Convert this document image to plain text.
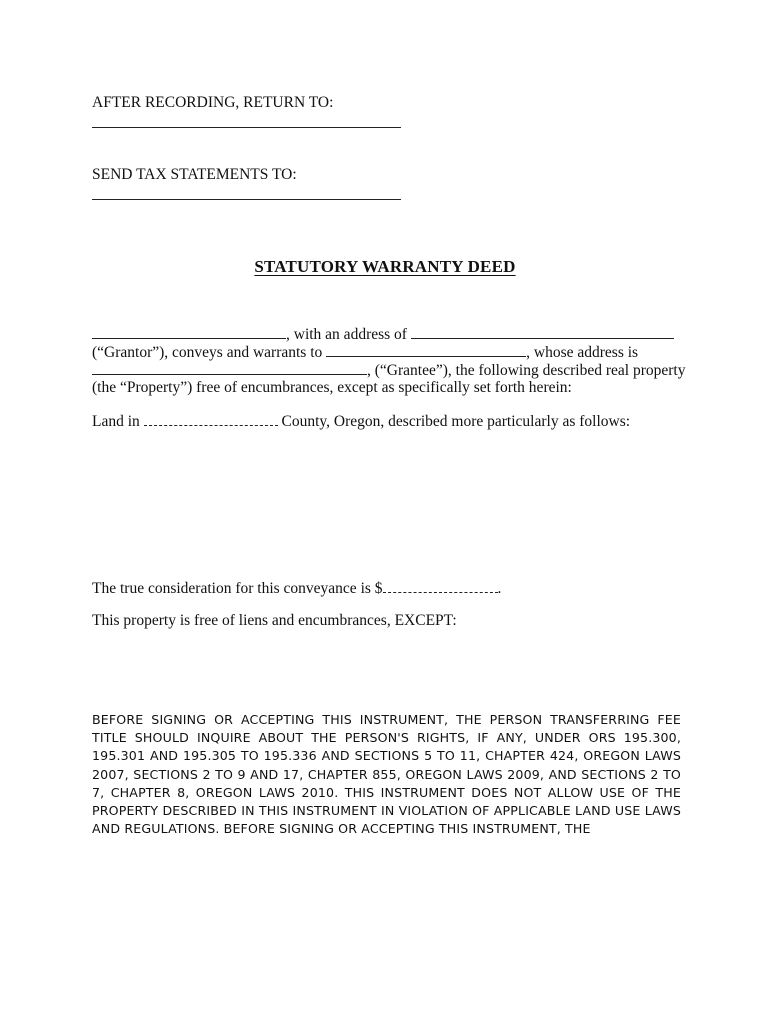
AFTER RECORDING, RETURN TO:
SEND TAX STATEMENTS TO:
STATUTORY WARRANTY DEED
, with an address of
(“Grantor”), conveys and warrants to	, whose address is
, (“Grantee”), the following described real property
(the “Property”) free of encumbrances, except as specifically set forth herein:
Land in	County, Oregon, described more particularly as follows:
The true consideration for this conveyance is $	.
This property is free of liens and encumbrances, EXCEPT:
BEFORE SIGNING OR ACCEPTING THIS INSTRUMENT, THE PERSON TRANSFERRING FEE TITLE SHOULD INQUIRE ABOUT THE PERSON'S RIGHTS, IF ANY, UNDER ORS 195.300, 195.301 AND 195.305 TO 195.336 AND SECTIONS 5 TO 11, CHAPTER 424, OREGON LAWS 2007, SECTIONS 2 TO 9 AND 17, CHAPTER 855, OREGON LAWS 2009, AND SECTIONS 2 TO 7, CHAPTER 8, OREGON LAWS 2010. THIS INSTRUMENT DOES NOT ALLOW USE OF THE PROPERTY DESCRIBED IN THIS INSTRUMENT IN VIOLATION OF APPLICABLE LAND USE LAWS AND REGULATIONS. BEFORE SIGNING OR ACCEPTING THIS INSTRUMENT, THE
